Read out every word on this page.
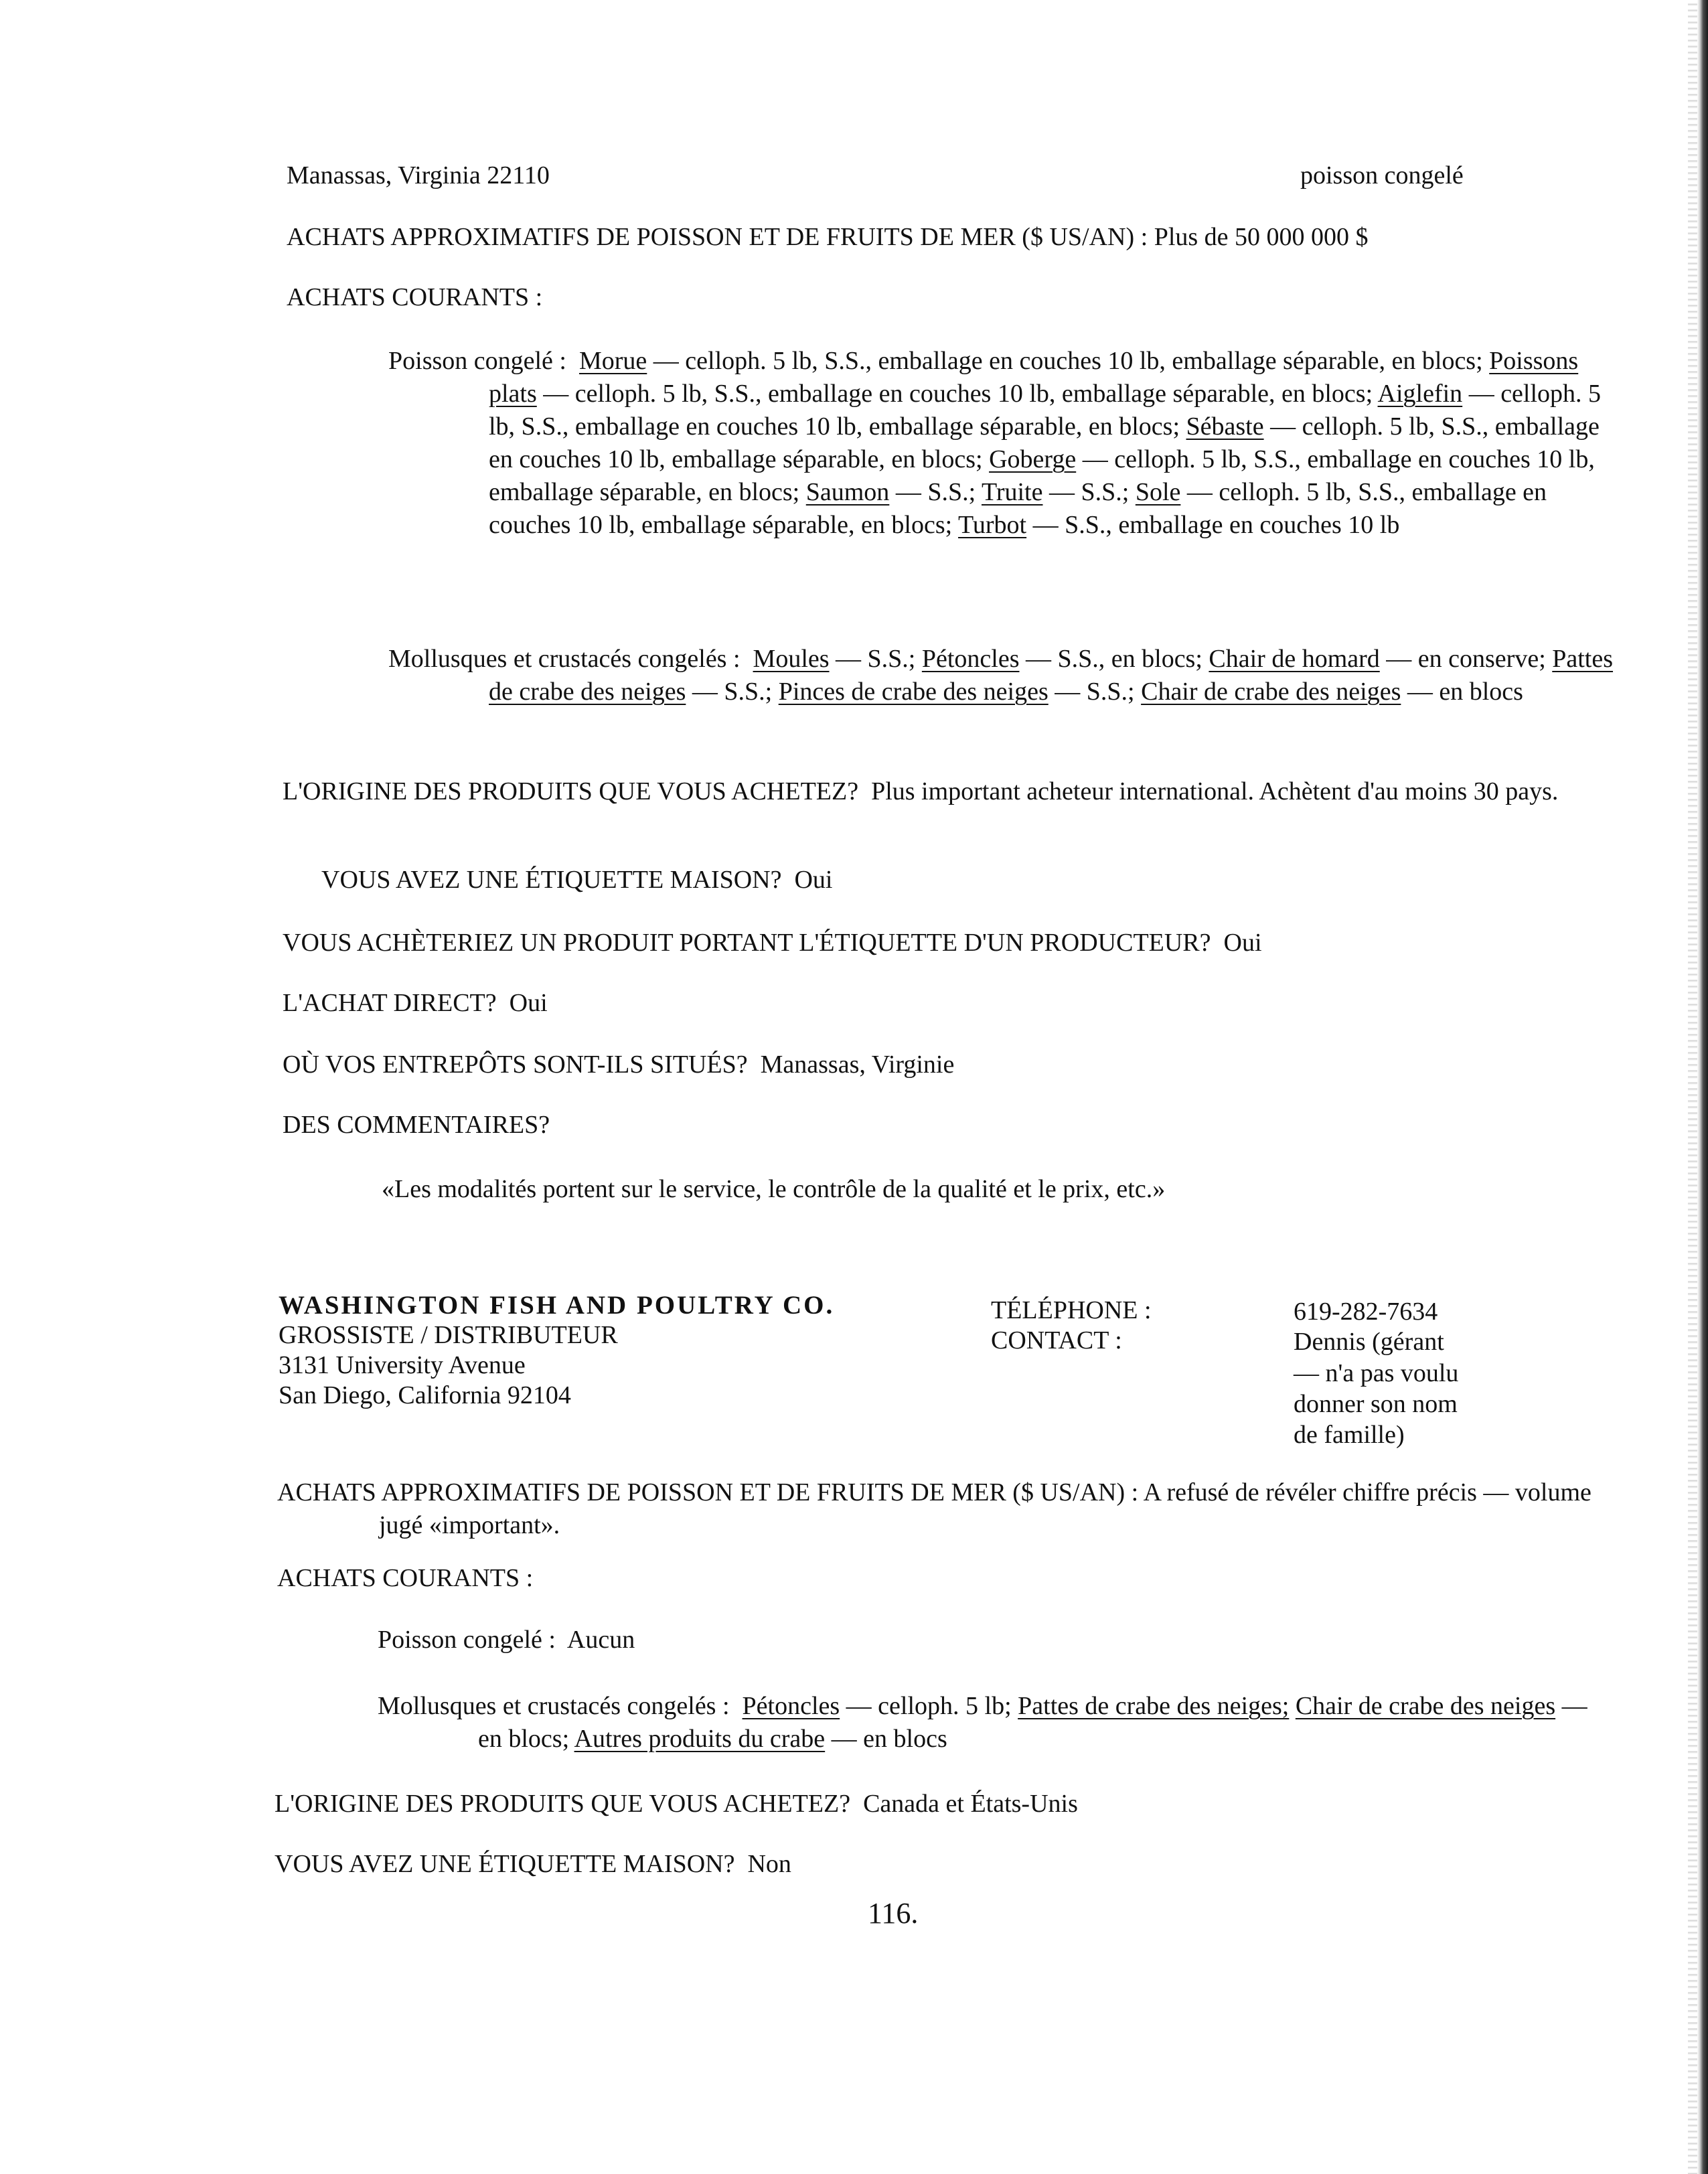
Manassas, Virginia 22110	poisson congelé

ACHATS APPROXIMATIFS DE POISSON ET DE FRUITS DE MER ($ US/AN) : Plus de 50 000 000 $

ACHATS COURANTS :

Poisson congelé : Morue — celloph. 5 lb, S.S., emballage en couches 10 lb, emballage séparable, en blocs; Poissons plats — celloph. 5 lb, S.S., emballage en couches 10 lb, emballage séparable, en blocs; Aiglefin — celloph. 5 lb, S.S., emballage en couches 10 lb, emballage séparable, en blocs; Sébaste — celloph. 5 lb, S.S., emballage en couches 10 lb, emballage séparable, en blocs; Goberge — celloph. 5 lb, S.S., emballage en couches 10 lb, emballage séparable, en blocs; Saumon — S.S.; Truite — S.S.; Sole — celloph. 5 lb, S.S., emballage en couches 10 lb, emballage séparable, en blocs; Turbot — S.S., emballage en couches 10 lb
Mollusques et crustacés congelés : Moules — S.S.; Pétoncles — S.S., en blocs; Chair de homard — en conserve; Pattes de crabe des neiges — S.S.; Pinces de crabe des neiges — S.S.; Chair de crabe des neiges — en blocs
L'ORIGINE DES PRODUITS QUE VOUS ACHETEZ? Plus important acheteur international. Achètent d'au moins 30 pays.
VOUS AVEZ UNE ÉTIQUETTE MAISON? Oui
VOUS ACHÈTERIEZ UN PRODUIT PORTANT L'ÉTIQUETTE D'UN PRODUCTEUR? Oui
L'ACHAT DIRECT? Oui
OÙ VOS ENTREPÔTS SONT-ILS SITUÉS? Manassas, Virginie

DES COMMENTAIRES?

«Les modalités portent sur le service, le contrôle de la qualité et le prix, etc.»

WASHINGTON FISH AND POULTRY CO.

GROSSISTE / DISTRIBUTEUR

3131 University Avenue

San Diego, California 92104

TÉLÉPHONE :

CONTACT :

619-282-7634

Dennis (gérant

— n'a pas voulu

donner son nom

de famille)

ACHATS APPROXIMATIFS DE POISSON ET DE FRUITS DE MER ($ US/AN) : A refusé de révéler chiffre précis — volume jugé «important».

ACHATS COURANTS :

Poisson congelé : Aucun
Mollusques et crustacés congelés : Pétoncles — celloph. 5 lb; Pattes de crabe des neiges; Chair de crabe des neiges — en blocs; Autres produits du crabe — en blocs
L'ORIGINE DES PRODUITS QUE VOUS ACHETEZ? Canada et États-Unis
VOUS AVEZ UNE ÉTIQUETTE MAISON? Non

116.
